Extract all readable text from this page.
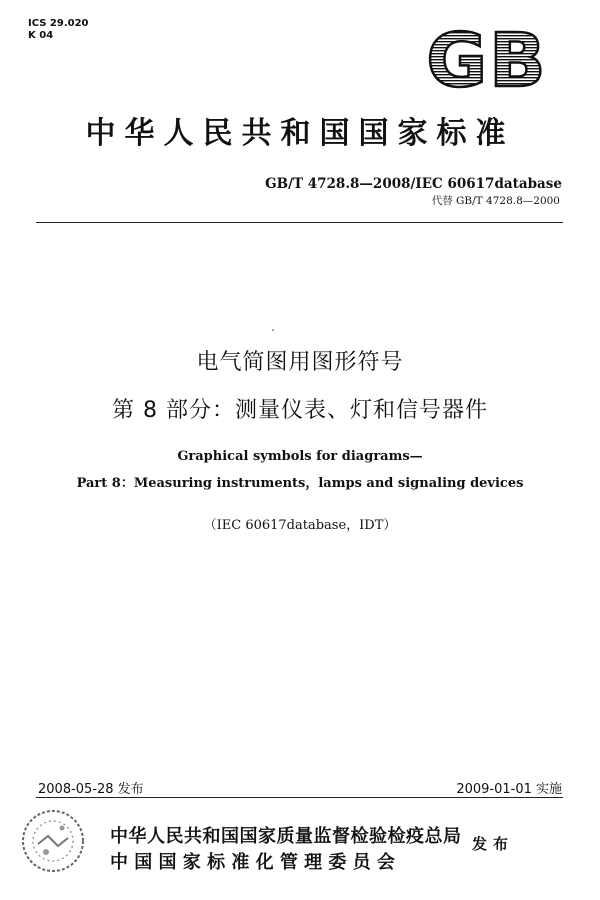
ICS 29.020
K 04	GB
中华人民共和国国家标准
GB/T 4728.8—2008/IEC 60617database
代替 GB/T 4728.8—2000
电气简图用图形符号
第 8 部分：测量仪表、灯和信号器件
Graphical symbols for diagrams—
Part 8：Measuring instruments，lamps and signaling devices
（IEC 60617database，IDT）
2008-05-28 发布	2009-01-01 实施
中华人民共和国国家质量监督检验检疫总局
中 国 国 家 标 准 化 管 理 委 员 会
发布
